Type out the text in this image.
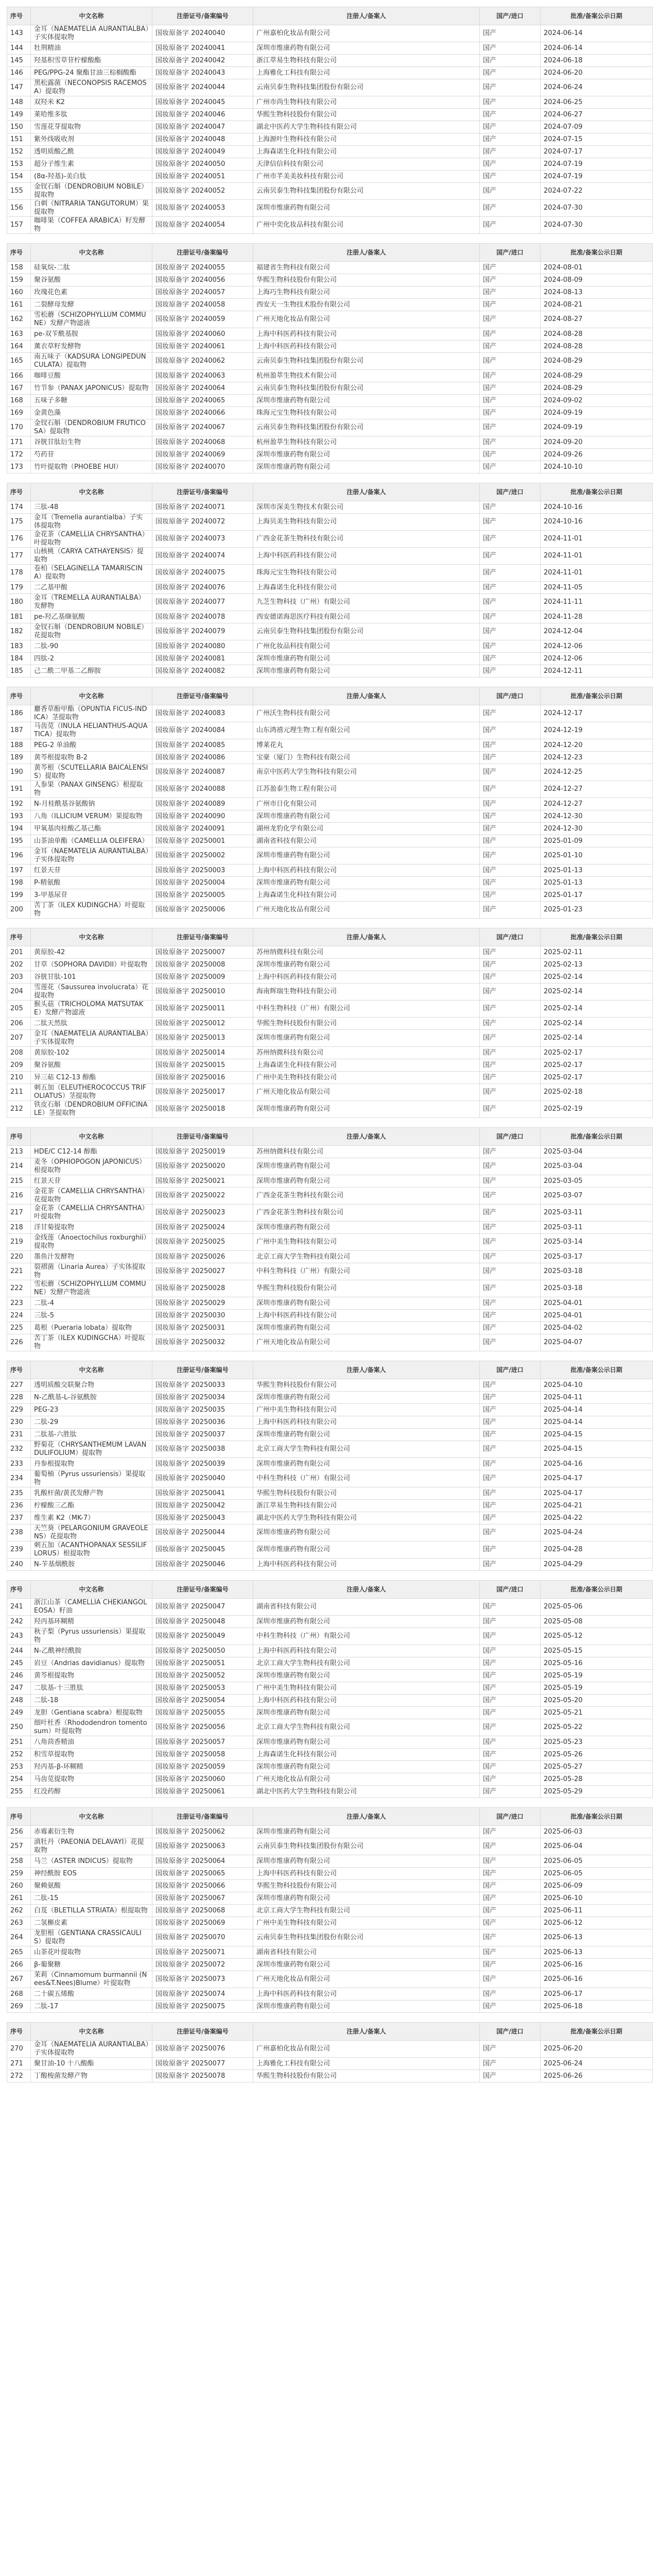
序号	中文名称	注册证号/备案编号	注册人/备案人	国产/进口	批准/备案公示日期
143	金耳（NAEMATELIA AURANTIALBA）子实体提取物	国妆原备字 20240040	广州嘉柏化妆品有限公司	国产	2024-06-14
144	牡荆精油	国妆原备字 20240041	深圳市维康药物有限公司	国产	2024-06-14
145	羟基积雪草苷柠檬酸酯	国妆原备字 20240042	浙江萃易生物科技有限公司	国产	2024-06-18
146	PEG/PPG-24 聚酯甘油三棕榈酸酯	国妆原备字 20240043	上海雅化工科技有限公司	国产	2024-06-20
147	黑松露菌（NECONOPSIS RACEMOSA）提取物	国妆原备字 20240044	云南贝泰生物科技集团股份有限公司	国产	2024-06-24
148	双羟米 K2	国妆原备字 20240045	广州市尚生物科技有限公司	国产	2024-06-25
149	莱哈维多肽	国妆原备字 20240046	华熙生物科技股份有限公司	国产	2024-06-27
150	雪莲花芽提取物	国妆原备字 20240047	湖北中医药大学生物科技有限公司	国产	2024-07-09
151	紫外线吸收剂	国妆原备字 20240048	上海源叶生物科技有限公司	国产	2024-07-15
152	透明质酸乙酰	国妆原备字 20240049	上海森诺生化科技有限公司	国产	2024-07-17
153	超分子维生素	国妆原备字 20240050	天津信信科技有限公司	国产	2024-07-19
154	(8α-羟基)-美白肽	国妆原备字 20240051	广州市芊美美妆科技有限公司	国产	2024-07-19
155	金钗石斛（DENDROBIUM NOBILE）提取物	国妆原备字 20240052	云南贝泰生物科技集团股份有限公司	国产	2024-07-22
156	白刺（NITRARIA TANGUTORUM）果提取物	国妆原备字 20240053	深圳市维康药物有限公司	国产	2024-07-30
157	咖啡果（COFFEA ARABICA）籽发酵物	国妆原备字 20240054	广州中奕化妆品科技有限公司	国产	2024-07-30
序号	中文名称	注册证号/备案编号	注册人/备案人	国产/进口	批准/备案公示日期
158	硅氧烷-二肽	国妆原备字 20240055	福建省生物科技有限公司	国产	2024-08-01
159	聚谷氨酸	国妆原备字 20240056	华熙生物科技股份有限公司	国产	2024-08-09
160	玫瑰花色素	国妆原备字 20240057	上海巧生物科技有限公司	国产	2024-08-13
161	二裂酵母发酵	国妆原备字 20240058	西安天一生物技术股份有限公司	国产	2024-08-21
162	雪松蘑（SCHIZOPHYLLUM COMMUNE）发酵产物滤液	国妆原备字 20240059	广州天地化妆品有限公司	国产	2024-08-27
163	pe-双苄酰基胺	国妆原备字 20240060	上海中科医药科技有限公司	国产	2024-08-28
164	薰衣草籽发酵物	国妆原备字 20240061	上海中科医药科技有限公司	国产	2024-08-28
165	南五味子（KADSURA LONGIPEDUNCULATA）提取物	国妆原备字 20240062	云南贝泰生物科技集团股份有限公司	国产	2024-08-29
166	咖啡豆酸	国妆原备字 20240063	杭州盈萃生物技术有限公司	国产	2024-08-29
167	竹节参（PANAX JAPONICUS）提取物	国妆原备字 20240064	云南贝泰生物科技集团股份有限公司	国产	2024-08-29
168	五味子多糖	国妆原备字 20240065	深圳市维康药物有限公司	国产	2024-09-02
169	金黄色藻	国妆原备字 20240066	珠海元宝生物科技有限公司	国产	2024-09-19
170	金钗石斛（DENDROBIUM FRUTICOSA）提取物	国妆原备字 20240067	云南贝泰生物科技集团股份有限公司	国产	2024-09-19
171	谷胱甘肽衍生物	国妆原备字 20240068	杭州盈萃生物科技有限公司	国产	2024-09-20
172	芍药苷	国妆原备字 20240069	深圳市维康药物有限公司	国产	2024-09-26
173	竹叶提取物（PHOEBE HUI）	国妆原备字 20240070	深圳市维康药物有限公司	国产	2024-10-10
序号	中文名称	注册证号/备案编号	注册人/备案人	国产/进口	批准/备案公示日期
174	三肽-48	国妆原备字 20240071	深圳市深美生物技术有限公司	国产	2024-10-16
175	金耳（Tremella aurantialba）子实体提取物	国妆原备字 20240072	上海贝美生物科技有限公司	国产	2024-10-16
176	金花茶（CAMELLIA CHRYSANTHA）叶提取物	国妆原备字 20240073	广西金花茶生物科技有限公司	国产	2024-11-01
177	山核桃（CARYA CATHAYENSIS）提取物	国妆原备字 20240074	上海中科医药科技有限公司	国产	2024-11-01
178	卷柏（SELAGINELLA TAMARISCINA）提取物	国妆原备字 20240075	珠海元宝生物科技有限公司	国产	2024-11-01
179	二乙基甲酸	国妆原备字 20240076	上海森诺生化科技有限公司	国产	2024-11-05
180	金耳（TREMELLA AURANTIALBA）发酵物	国妆原备字 20240077	九芝生物科技（广州）有限公司	国产	2024-11-11
181	pe-羟乙基缬氨酸	国妆原备字 20240078	西安德诺海思医疗科技有限公司	国产	2024-11-28
182	金钗石斛（DENDROBIUM NOBILE）花提取物	国妆原备字 20240079	云南贝泰生物科技集团股份有限公司	国产	2024-12-04
183	二肽-90	国妆原备字 20240080	广州化妆品科技有限公司	国产	2024-12-06
184	四肽-2	国妆原备字 20240081	深圳市维康药物有限公司	国产	2024-12-06
185	己二酰二甲基二乙醇胺	国妆原备字 20240082	深圳市维康药物有限公司	国产	2024-12-11
序号	中文名称	注册证号/备案编号	注册人/备案人	国产/进口	批准/备案公示日期
186	麝香草酚甲酯（OPUNTIA FICUS-INDICA）茎提取物	国妆原备字 20240083	广州沃生物科技有限公司	国产	2024-12-17
187	马齿苋（INULA HELIANTHUS-AQUATICA）提取物	国妆原备字 20240084	山东鸿禧元理生物工程有限公司	国产	2024-12-19
188	PEG-2 单油酸	国妆原备字 20240085	博莱花丸	国产	2024-12-20
189	黄芩根提取物 B-2	国妆原备字 20240086	宝豪（厦门）生物科技有限公司	国产	2024-12-23
190	黄芩根（SCUTELLARIA BAICALENSIS）提取物	国妆原备字 20240087	南京中医药大学生物科技有限公司	国产	2024-12-25
191	人参果（PANAX GINSENG）根提取物	国妆原备字 20240088	江苏盈泰生物工程有限公司	国产	2024-12-27
192	N-月桂酰基谷氨酸钠	国妆原备字 20240089	广州市日化有限公司	国产	2024-12-27
193	八角（ILLICIUM VERUM）果提取物	国妆原备字 20240090	深圳市维康药物有限公司	国产	2024-12-30
194	甲氧基肉桂酸乙基己酯	国妆原备字 20240091	湖州龙豹化学有限公司	国产	2024-12-30
195	山茶油单酯（CAMELLIA OLEIFERA）	国妆原备字 20250001	湖南省科技有限公司	国产	2025-01-09
196	金耳（NAEMATELIA AURANTIALBA）子实体提取物	国妆原备字 20250002	深圳市维康药物有限公司	国产	2025-01-10
197	红景天苷	国妆原备字 20250003	上海中科医药科技有限公司	国产	2025-01-13
198	P-精氨酸	国妆原备字 20250004	深圳市维康药物有限公司	国产	2025-01-13
199	3-甲基尿苷	国妆原备字 20250005	上海森诺生化科技有限公司	国产	2025-01-17
200	苦丁茶（ILEX KUDINGCHA）叶提取物	国妆原备字 20250006	广州天地化妆品有限公司	国产	2025-01-23
序号	中文名称	注册证号/备案编号	注册人/备案人	国产/进口	批准/备案公示日期
201	黄原胶-42	国妆原备字 20250007	苏州纳微科技有限公司	国产	2025-02-11
202	甘草（SOPHORA DAVIDII）叶提取物	国妆原备字 20250008	深圳市维康药物有限公司	国产	2025-02-13
203	谷胱甘肽-101	国妆原备字 20250009	上海中科医药科技有限公司	国产	2025-02-14
204	雪莲花（Saussurea involucrata）花提取物	国妆原备字 20250010	海南辉瑞生物科技有限公司	国产	2025-02-14
205	猴头菇（TRICHOLOMA MATSUTAKE）发酵产物滤液	国妆原备字 20250011	中科生物科技（广州）有限公司	国产	2025-02-14
206	二肽天然肽	国妆原备字 20250012	华熙生物科技股份有限公司	国产	2025-02-14
207	金耳（NAEMATELIA AURANTIALBA）子实体提取物	国妆原备字 20250013	深圳市维康药物有限公司	国产	2025-02-14
208	黄原胶-102	国妆原备字 20250014	苏州纳微科技有限公司	国产	2025-02-17
209	聚谷氨酸	国妆原备字 20250015	上海森诺生化科技有限公司	国产	2025-02-17
210	异三萜 C12-13 醇酯	国妆原备字 20250016	广州中美生物科技有限公司	国产	2025-02-17
211	刺五加（ELEUTHEROCOCCUS TRIFOLIATUS）茎提取物	国妆原备字 20250017	广州天地化妆品有限公司	国产	2025-02-18
212	铁皮石斛（DENDROBIUM OFFICINALE）茎提取物	国妆原备字 20250018	深圳市维康药物有限公司	国产	2025-02-19
序号	中文名称	注册证号/备案编号	注册人/备案人	国产/进口	批准/备案公示日期
213	HDE/C C12-14 醇酯	国妆原备字 20250019	苏州纳微科技有限公司	国产	2025-03-04
214	麦冬（OPHIOPOGON JAPONICUS）根提取物	国妆原备字 20250020	深圳市维康药物有限公司	国产	2025-03-04
215	红景天苷	国妆原备字 20250021	深圳市维康药物有限公司	国产	2025-03-05
216	金花茶（CAMELLIA CHRYSANTHA）花提取物	国妆原备字 20250022	广西金花茶生物科技有限公司	国产	2025-03-07
217	金花茶（CAMELLIA CHRYSANTHA）叶提取物	国妆原备字 20250023	广西金花茶生物科技有限公司	国产	2025-03-11
218	洋甘菊提取物	国妆原备字 20250024	深圳市维康药物有限公司	国产	2025-03-11
219	金线莲（Anoectochilus roxburghii）提取物	国妆原备字 20250025	广州中美生物科技有限公司	国产	2025-03-14
220	墨鱼汁发酵物	国妆原备字 20250026	北京工商大学生物科技有限公司	国产	2025-03-17
221	裂褶菌（Linaria Aurea）子实体提取物	国妆原备字 20250027	中科生物科技（广州）有限公司	国产	2025-03-18
222	雪松蘑（SCHIZOPHYLLUM COMMUNE）发酵产物滤液	国妆原备字 20250028	华熙生物科技股份有限公司	国产	2025-03-18
223	二肽-4	国妆原备字 20250029	深圳市维康药物有限公司	国产	2025-04-01
224	三肽-5	国妆原备字 20250030	上海中科医药科技有限公司	国产	2025-04-01
225	葛根（Pueraria lobata）提取物	国妆原备字 20250031	深圳市维康药物有限公司	国产	2025-04-02
226	苦丁茶（ILEX KUDINGCHA）叶提取物	国妆原备字 20250032	广州天地化妆品有限公司	国产	2025-04-07
序号	中文名称	注册证号/备案编号	注册人/备案人	国产/进口	批准/备案公示日期
227	透明质酸交联聚合物	国妆原备字 20250033	华熙生物科技股份有限公司	国产	2025-04-10
228	N-乙酰基-L-谷氨酰胺	国妆原备字 20250034	深圳市维康药物有限公司	国产	2025-04-11
229	PEG-23	国妆原备字 20250035	广州中美生物科技有限公司	国产	2025-04-14
230	二肽-29	国妆原备字 20250036	上海中科医药科技有限公司	国产	2025-04-14
231	二肽基-六胜肽	国妆原备字 20250037	深圳市维康药物有限公司	国产	2025-04-15
232	野菊花（CHRYSANTHEMUM LAVANDULIFOLIUM）提取物	国妆原备字 20250038	北京工商大学生物科技有限公司	国产	2025-04-15
233	丹参根提取物	国妆原备字 20250039	深圳市维康药物有限公司	国产	2025-04-16
234	葡萄柚（Pyrus ussuriensis）果提取物	国妆原备字 20250040	中科生物科技（广州）有限公司	国产	2025-04-17
235	乳酸杆菌/黄芪发酵产物	国妆原备字 20250041	华熙生物科技股份有限公司	国产	2025-04-17
236	柠檬酸三乙酯	国妆原备字 20250042	浙江萃易生物科技有限公司	国产	2025-04-21
237	维生素 K2（MK-7）	国妆原备字 20250043	湖北中医药大学生物科技有限公司	国产	2025-04-22
238	天竺葵（PELARGONIUM GRAVEOLENS）花提取物	国妆原备字 20250044	深圳市维康药物有限公司	国产	2025-04-24
239	刺五加（ACANTHOPANAX SESSILIFLORUS）根提取物	国妆原备字 20250045	深圳市维康药物有限公司	国产	2025-04-28
240	N-苄基烟酰胺	国妆原备字 20250046	上海中科医药科技有限公司	国产	2025-04-29
序号	中文名称	注册证号/备案编号	注册人/备案人	国产/进口	批准/备案公示日期
241	浙江山茶（CAMELLIA CHEKIANGOLEOSA）籽油	国妆原备字 20250047	湖南省科技有限公司	国产	2025-05-06
242	羟丙基环糊精	国妆原备字 20250048	深圳市维康药物有限公司	国产	2025-05-08
243	秋子梨（Pyrus ussuriensis）果提取物	国妆原备字 20250049	中科生物科技（广州）有限公司	国产	2025-05-12
244	N-乙酰神经酰胺	国妆原备字 20250050	上海中科医药科技有限公司	国产	2025-05-15
245	岩豆（Andrias davidianus）提取物	国妆原备字 20250051	北京工商大学生物科技有限公司	国产	2025-05-16
246	黄芩根提取物	国妆原备字 20250052	深圳市维康药物有限公司	国产	2025-05-19
247	二肽基-十三胜肽	国妆原备字 20250053	广州中美生物科技有限公司	国产	2025-05-19
248	二肽-18	国妆原备字 20250054	上海中科医药科技有限公司	国产	2025-05-20
249	龙胆（Gentiana scabra）根提取物	国妆原备字 20250055	深圳市维康药物有限公司	国产	2025-05-21
250	细叶杜香（Rhododendron tomentosum）叶提取物	国妆原备字 20250056	北京工商大学生物科技有限公司	国产	2025-05-22
251	八角茴香精油	国妆原备字 20250057	深圳市维康药物有限公司	国产	2025-05-23
252	积雪草提取物	国妆原备字 20250058	上海森诺生化科技有限公司	国产	2025-05-26
253	羟丙基-β-环糊精	国妆原备字 20250059	深圳市维康药物有限公司	国产	2025-05-27
254	马齿苋提取物	国妆原备字 20250060	广州天地化妆品有限公司	国产	2025-05-28
255	红没药醇	国妆原备字 20250061	湖北中医药大学生物科技有限公司	国产	2025-05-29
序号	中文名称	注册证号/备案编号	注册人/备案人	国产/进口	批准/备案公示日期
256	赤霉素衍生物	国妆原备字 20250062	深圳市维康药物有限公司	国产	2025-06-03
257	滇牡丹（PAEONIA DELAVAYI）花提取物	国妆原备字 20250063	云南贝泰生物科技集团股份有限公司	国产	2025-06-04
258	马兰（ASTER INDICUS）提取物	国妆原备字 20250064	深圳市维康药物有限公司	国产	2025-06-05
259	神经酰胺 EOS	国妆原备字 20250065	上海中科医药科技有限公司	国产	2025-06-05
260	聚赖氨酸	国妆原备字 20250066	华熙生物科技股份有限公司	国产	2025-06-09
261	二肽-15	国妆原备字 20250067	深圳市维康药物有限公司	国产	2025-06-10
262	白芨（BLETILLA STRIATA）根提取物	国妆原备字 20250068	北京工商大学生物科技有限公司	国产	2025-06-11
263	二氢槲皮素	国妆原备字 20250069	广州中美生物科技有限公司	国产	2025-06-12
264	龙胆根（GENTIANA CRASSICAULIS）提取物	国妆原备字 20250070	云南贝泰生物科技集团股份有限公司	国产	2025-06-13
265	山茶花叶提取物	国妆原备字 20250071	湖南省科技有限公司	国产	2025-06-13
266	β-葡聚糖	国妆原备字 20250072	深圳市维康药物有限公司	国产	2025-06-16
267	茉莉（Cinnamomum burmannii (Nees&T.Nees)Blume）叶提取物	国妆原备字 20250073	广州天地化妆品有限公司	国产	2025-06-16
268	二十碳五烯酸	国妆原备字 20250074	上海中科医药科技有限公司	国产	2025-06-17
269	二肽-17	国妆原备字 20250075	深圳市维康药物有限公司	国产	2025-06-18
序号	中文名称	注册证号/备案编号	注册人/备案人	国产/进口	批准/备案公示日期
270	金耳（NAEMATELIA AURANTIALBA）子实体提取物	国妆原备字 20250076	广州嘉柏化妆品有限公司	国产	2025-06-20
271	聚甘油-10 十八酸酯	国妆原备字 20250077	上海雅化工科技有限公司	国产	2025-06-24
272	丁酸梭菌发酵产物	国妆原备字 20250078	华熙生物科技股份有限公司	国产	2025-06-26
